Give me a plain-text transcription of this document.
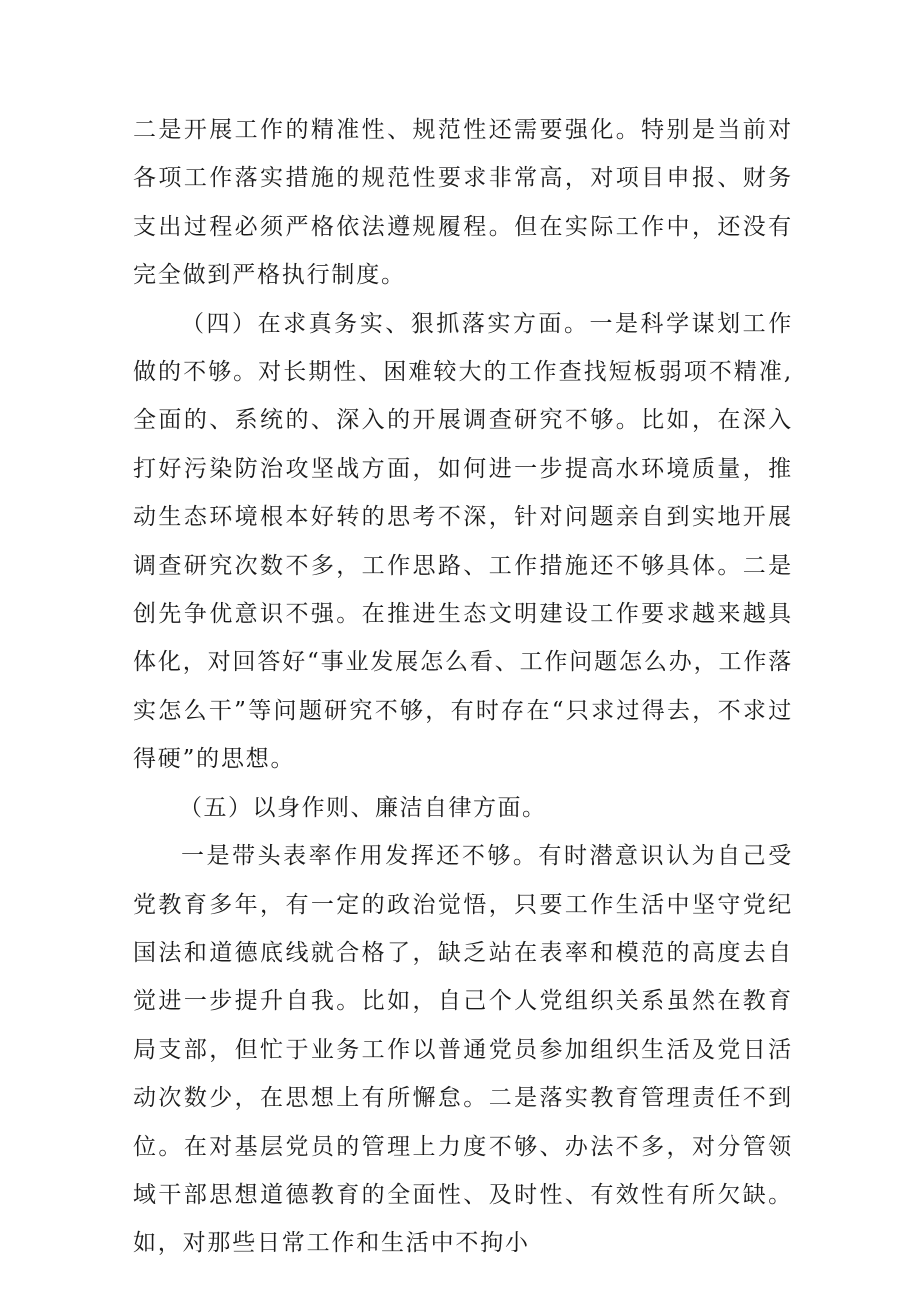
二是开展工作的精准性、规范性还需要强化。特别是当前对各项工作落实措施的规范性要求非常高，对项目申报、财务支出过程必须严格依法遵规履程。但在实际工作中，还没有完全做到严格执行制度。

（四）在求真务实、狠抓落实方面。一是科学谋划工作做的不够。对长期性、困难较大的工作查找短板弱项不精准,全面的、系统的、深入的开展调查研究不够。比如，在深入打好污染防治攻坚战方面，如何进一步提高水环境质量，推动生态环境根本好转的思考不深，针对问题亲自到实地开展调查研究次数不多，工作思路、工作措施还不够具体。二是创先争优意识不强。在推进生态文明建设工作要求越来越具体化，对回答好“事业发展怎么看、工作问题怎么办，工作落实怎么干”等问题研究不够，有时存在“只求过得去，不求过得硬”的思想。

（五）以身作则、廉洁自律方面。

一是带头表率作用发挥还不够。有时潜意识认为自己受党教育多年，有一定的政治觉悟，只要工作生活中坚守党纪国法和道德底线就合格了，缺乏站在表率和模范的高度去自觉进一步提升自我。比如，自己个人党组织关系虽然在教育局支部，但忙于业务工作以普通党员参加组织生活及党日活动次数少，在思想上有所懈怠。二是落实教育管理责任不到位。在对基层党员的管理上力度不够、办法不多，对分管领域干部思想道德教育的全面性、及时性、有效性有所欠缺。如，对那些日常工作和生活中不拘小
